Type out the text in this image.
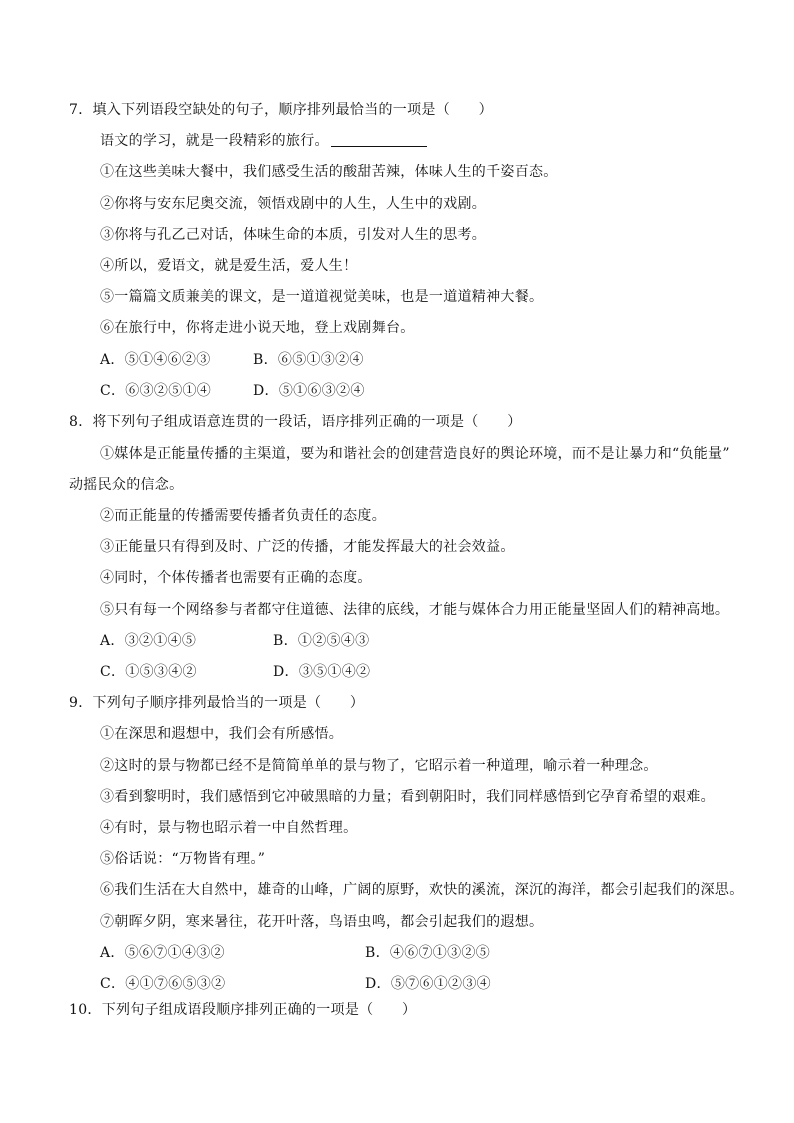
7．填入下列语段空缺处的句子，顺序排列最恰当的一项是（　　）
语文的学习，就是一段精彩的旅行。
①在这些美味大餐中，我们感受生活的酸甜苦辣，体味人生的千姿百态。
②你将与安东尼奥交流，领悟戏剧中的人生，人生中的戏剧。
③你将与孔乙己对话，体味生命的本质，引发对人生的思考。
④所以，爱语文，就是爱生活，爱人生！
⑤一篇篇文质兼美的课文，是一道道视觉美味，也是一道道精神大餐。
⑥在旅行中，你将走进小说天地，登上戏剧舞台。
A．⑤①④⑥②③	B．⑥⑤①③②④
C．⑥③②⑤①④	D．⑤①⑥③②④
8．将下列句子组成语意连贯的一段话，语序排列正确的一项是（　　）
①媒体是正能量传播的主渠道，要为和谐社会的创建营造良好的舆论环境，而不是让暴力和“负能量”
动摇民众的信念。
②而正能量的传播需要传播者负责任的态度。
③正能量只有得到及时、广泛的传播，才能发挥最大的社会效益。
④同时，个体传播者也需要有正确的态度。
⑤只有每一个网络参与者都守住道德、法律的底线，才能与媒体合力用正能量坚固人们的精神高地。
A．③②①④⑤	B．①②⑤④③
C．①⑤③④②	D．③⑤①④②
9．下列句子顺序排列最恰当的一项是（　　）
①在深思和遐想中，我们会有所感悟。
②这时的景与物都已经不是简简单单的景与物了，它昭示着一种道理，喻示着一种理念。
③看到黎明时，我们感悟到它冲破黑暗的力量；看到朝阳时，我们同样感悟到它孕育希望的艰难。
④有时，景与物也昭示着一中自然哲理。
⑤俗话说：“万物皆有理。”
⑥我们生活在大自然中，雄奇的山峰，广阔的原野，欢快的溪流，深沉的海洋，都会引起我们的深思。
⑦朝晖夕阴，寒来暑往，花开叶落，鸟语虫鸣，都会引起我们的遐想。
A．⑤⑥⑦①④③②	B．④⑥⑦①③②⑤
C．④①⑦⑥⑤③②	D．⑤⑦⑥①②③④
10．下列句子组成语段顺序排列正确的一项是（　　）
